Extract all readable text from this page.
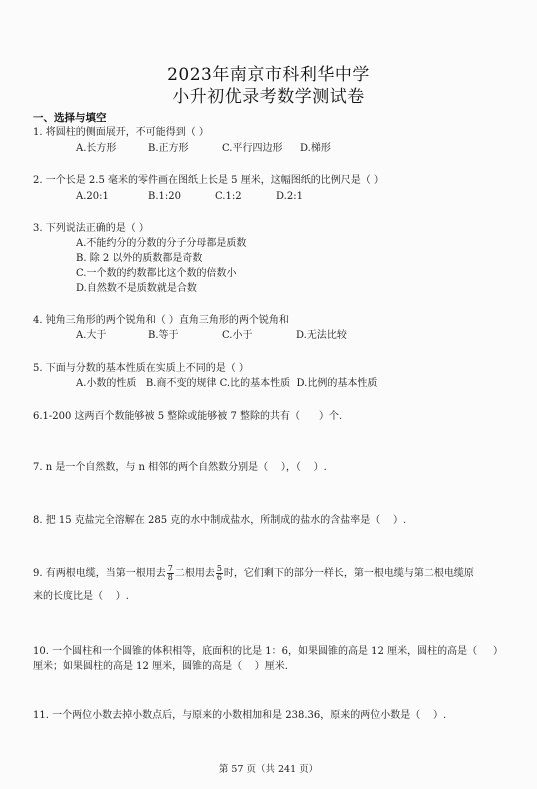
2023年南京市科利华中学
小升初优录考数学测试卷
一、选择与填空
1. 将圆柱的侧面展开，不可能得到（ ）
A.长方形	B.正方形	C.平行四边形 D.梯形
2. 一个长是 2.5 毫米的零件画在图纸上长是 5 厘米，这幅图纸的比例尺是（ ）
A.20:1	B.1:20	C.1:2	D.2:1
3. 下列说法正确的是（ ）
A.不能约分的分数的分子分母都是质数
B. 除 2 以外的质数都是奇数
C.一个数的约数都比这个数的倍数小
D.自然数不是质数就是合数
4. 钝角三角形的两个锐角和（ ）直角三角形的两个锐角和
A.大于	B.等于	C.小于	D.无法比较
5. 下面与分数的基本性质在实质上不同的是（ ）
A.小数的性质   B.商不变的规律 C.比的基本性质  D.比例的基本性质
6.1-200 这两百个数能够被 5 整除或能够被 7 整除的共有（      ）个.
7. n 是一个自然数，与 n 相邻的两个自然数分别是（    ），（    ）.
8. 把 15 克盐完全溶解在 285 克的水中制成盐水，所制成的盐水的含盐率是（    ）.
9. 有两根电缆，当第一根用去 $\frac{7}{8}$ 二根用去 $\frac{5}{6}$ 时，它们剩下的部分一样长，第一根电缆与第二根电缆原
来的长度比是（    ）.
10. 一个圆柱和一个圆锥的体积相等，底面积的比是 1：6，如果圆锥的高是 12 厘米，圆柱的高是（     ）
厘米；如果圆柱的高是 12 厘米，圆锥的高是（    ）厘米.
11. 一个两位小数去掉小数点后，与原来的小数相加和是 238.36，原来的两位小数是（    ）.
第 57 页（共 241 页）
